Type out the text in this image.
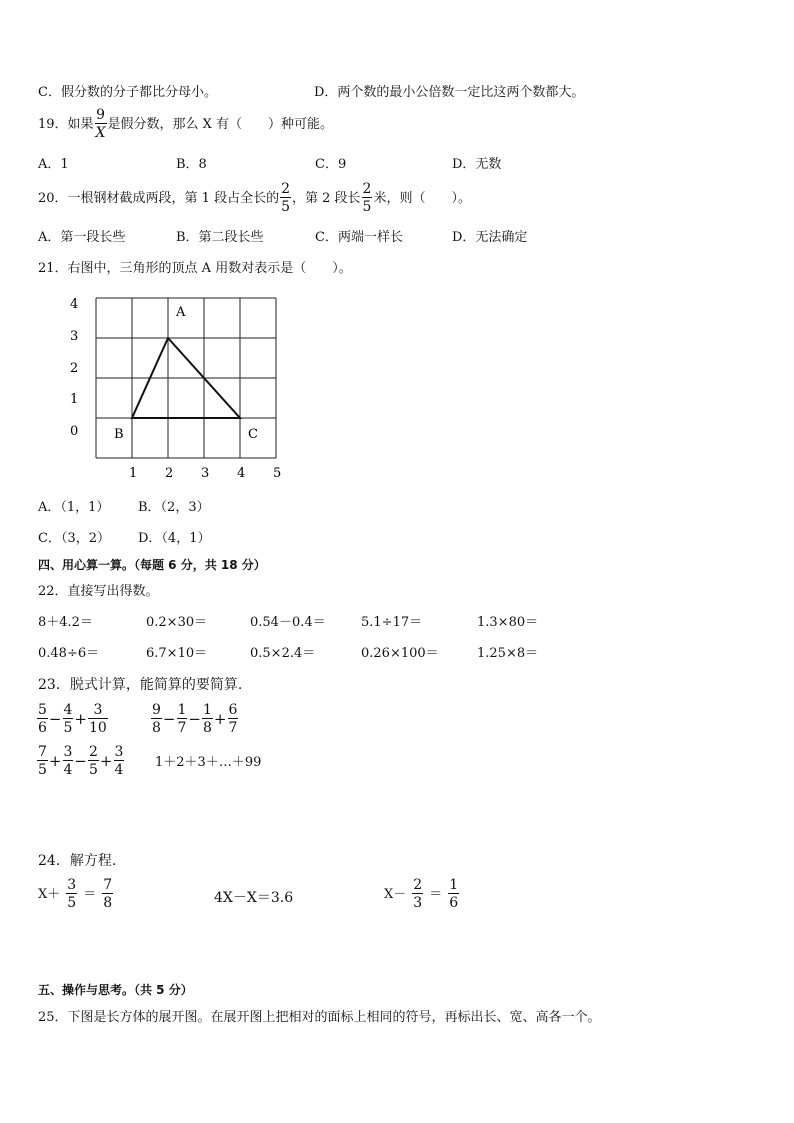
C．假分数的分子都比分母小。	D．两个数的最小公倍数一定比这两个数都大。
19．如果 $\frac{9}{X}$ 是假分数，那么 X 有（　　）种可能。
A．1	B．8	C．9	D．无数
20．一根钢材截成两段，第 1 段占全长的 $\frac{2}{5}$ ，第 2 段长 $\frac{2}{5}$ 米，则（　　）。
A．第一段长些	B．第二段长些	C．两端一样长	D．无法确定
21．右图中，三角形的顶点 A 用数对表示是（　　）。
4
3
2
1
0
1 2 3 4 5
A
B	C
A．（1，1） B．（2，3）
C．（3，2） D．（4，1）
四、用心算一算。（每题 6 分，共 18 分）
22．直接写出得数。
8＋4.2＝	0.2×30＝	0.54－0.4＝	5.1÷17＝	1.3×80＝
0.48÷6＝	6.7×10＝	0.5×2.4＝	0.26×100＝	1.25×8＝
23．脱式计算，能简算的要简算.
$\frac{5}{6} - \frac{4}{5} + \frac{3}{10}$	$\frac{9}{8} - \frac{1}{7} - \frac{1}{8} + \frac{6}{7}$
$\frac{7}{5} + \frac{3}{4} - \frac{2}{5} + \frac{3}{4}$ 1＋2＋3＋…＋99
24．解方程.
$X+ \frac{3}{5} = \frac{7}{8}$	4X－X＝3.6	$X- \frac{2}{3} = \frac{1}{6}$
五、操作与思考。（共 5 分）
25．下图是长方体的展开图。在展开图上把相对的面标上相同的符号，再标出长、宽、高各一个。
